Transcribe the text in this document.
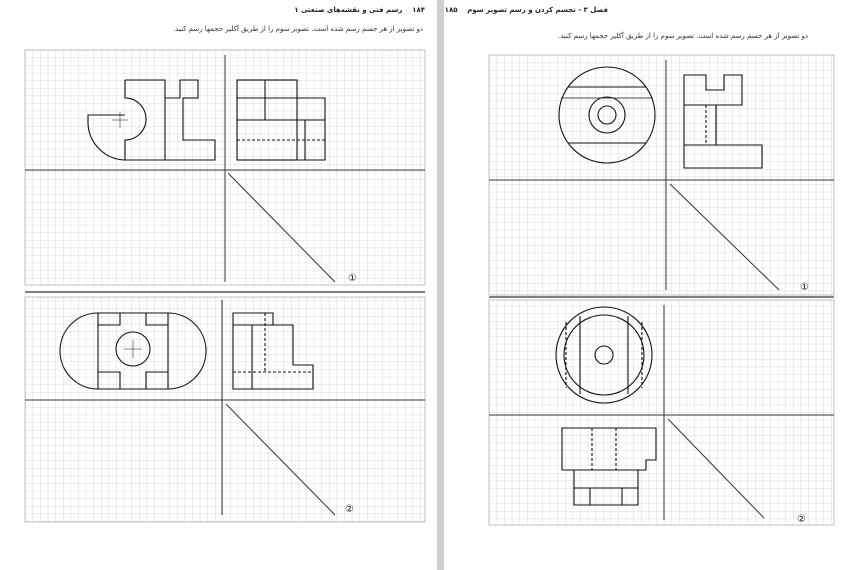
۱۸۴    رسم فنی و نقشه‌های صنعتی ۱
دو تصویر از هر جسم رسم شده است. تصویر سوم را از طریق آکلیر حجمها رسم کنید.
①
②
فصل ۳ - تجسم کردن و رسم تصویر سوم    ۱۸۵
دو تصویر از هر جسم رسم شده است. تصویر سوم را از طریق آکلیر حجمها رسم کنید.
①
②
